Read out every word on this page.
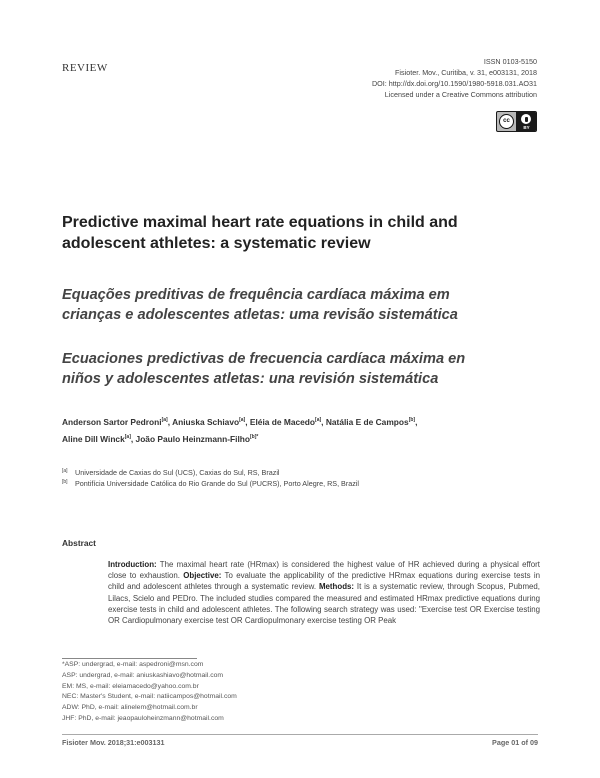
REVIEW
ISSN 0103-5150
Fisioter. Mov., Curitiba, v. 31, e003131, 2018
DOI: http://dx.doi.org/10.1590/1980-5918.031.AO31
Licensed under a Creative Commons attribution
cc
BY
Predictive maximal heart rate equations in child and adolescent athletes: a systematic review
Equações preditivas de frequência cardíaca máxima em crianças e adolescentes atletas: uma revisão sistemática
Ecuaciones predictivas de frecuencia cardíaca máxima en niños y adolescentes atletas: una revisión sistemática
Anderson Sartor Pedroni[a], Aniuska Schiavo[a], Eléia de Macedo[a], Natália E de Campos[b],
Aline Dill Winck[a], João Paulo Heinzmann-Filho$^{[b]*}$
[a]	Universidade de Caxias do Sul (UCS), Caxias do Sul, RS, Brazil
[b]	Pontifícia Universidade Católica do Rio Grande do Sul (PUCRS), Porto Alegre, RS, Brazil
Abstract

Introduction: The maximal heart rate (HRmax) is considered the highest value of HR achieved during a physical effort close to exhaustion. Objective: To evaluate the applicability of the predictive HRmax equations during exercise tests in child and adolescent athletes through a systematic review. Methods: It is a systematic review, through Scopus, Pubmed, Lilacs, Scielo and PEDro. The included studies compared the measured and estimated HRmax predictive equations during exercise tests in child and adolescent athletes. The following search strategy was used: "Exercise test OR Exercise testing OR Cardiopulmonary exercise test OR Cardiopulmonary exercise testing OR Peak

*ASP: undergrad, e-mail: aspedroni@msn.com
ASP: undergrad, e-mail: aniuskashiavo@hotmail.com
EM: MS, e-mail: eleiamacedo@yahoo.com.br
NEC: Master's Student, e-mail: natiicampos@hotmail.com
ADW: PhD, e-mail: alinelem@hotmail.com.br
JHF: PhD, e-mail: jeaopauloheinzmann@hotmail.com
Fisioter Mov. 2018;31:e003131	Page 01 of 09
